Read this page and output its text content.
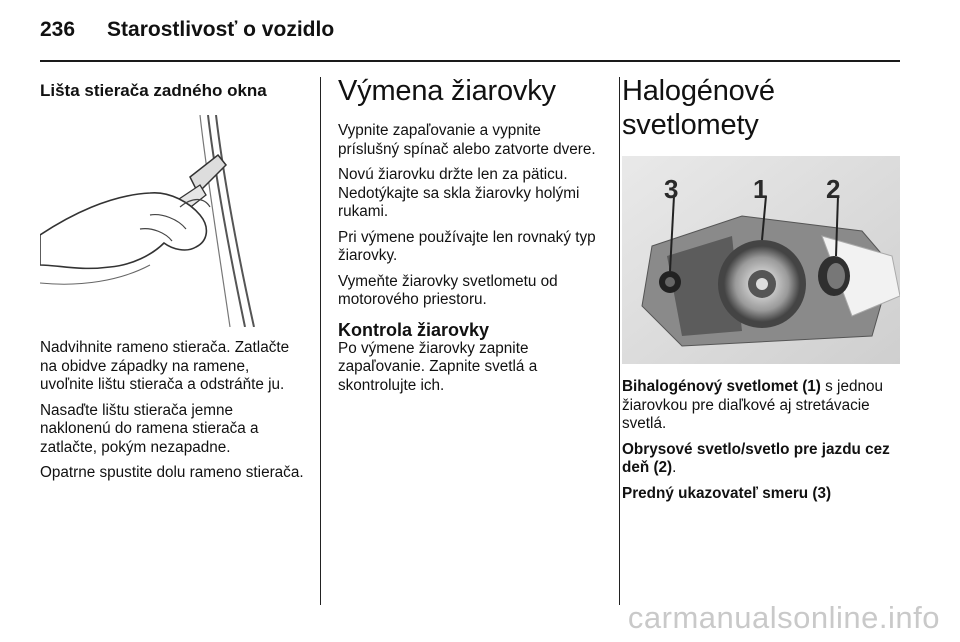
236 Starostlivosť o vozidlo
Lišta stierača zadného okna

Nadvihnite rameno stierača. Zatlačte na obidve západky na ramene, uvoľnite lištu stierača a odstráňte ju.

Nasaďte lištu stierača jemne naklonenú do ramena stierača a zatlačte, pokým nezapadne.

Opatrne spustite dolu rameno stierača.

Výmena žiarovky

Vypnite zapaľovanie a vypnite príslušný spínač alebo zatvorte dvere.

Novú žiarovku držte len za päticu. Nedotýkajte sa skla žiarovky holými rukami.

Pri výmene používajte len rovnaký typ žiarovky.

Vymeňte žiarovky svetlometu od motorového priestoru.

Kontrola žiarovky

Po výmene žiarovky zapnite zapaľovanie. Zapnite svetlá a skontrolujte ich.

Halogénové svetlomety
3	1 2

Bihalogénový svetlomet (1) s jednou žiarovkou pre diaľkové aj stretávacie svetlá.

Obrysové svetlo/svetlo pre jazdu cez deň (2).

Predný ukazovateľ smeru (3)

carmanualsonline.info
